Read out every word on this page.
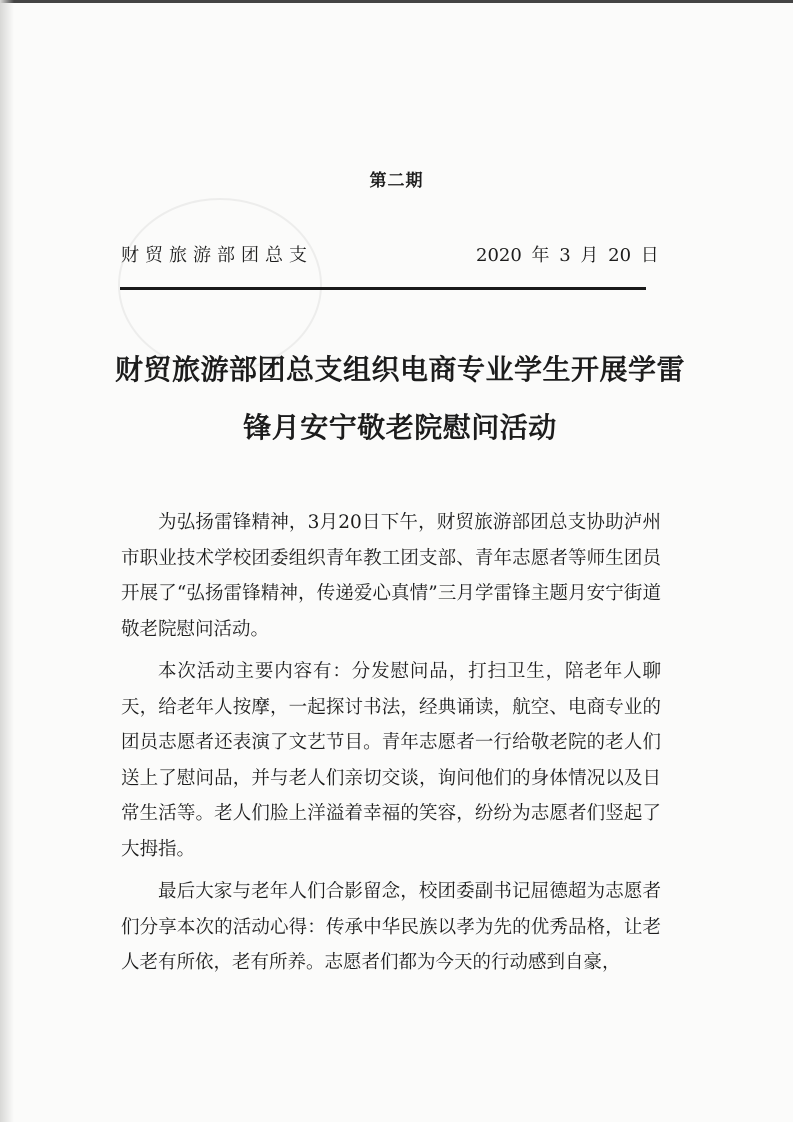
第二期
财贸旅游部团总支	2020 年 3 月 20 日
财贸旅游部团总支组织电商专业学生开展学雷
锋月安宁敬老院慰问活动

为弘扬雷锋精神，3月20日下午，财贸旅游部团总支协助泸州市职业技术学校团委组织青年教工团支部、青年志愿者等师生团员开展了“弘扬雷锋精神，传递爱心真情”三月学雷锋主题月安宁街道敬老院慰问活动。

本次活动主要内容有：分发慰问品，打扫卫生，陪老年人聊天，给老年人按摩，一起探讨书法，经典诵读，航空、电商专业的团员志愿者还表演了文艺节目。青年志愿者一行给敬老院的老人们送上了慰问品，并与老人们亲切交谈，询问他们的身体情况以及日常生活等。老人们脸上洋溢着幸福的笑容，纷纷为志愿者们竖起了大拇指。

最后大家与老年人们合影留念，校团委副书记屈德超为志愿者们分享本次的活动心得：传承中华民族以孝为先的优秀品格，让老人老有所依，老有所养。志愿者们都为今天的行动感到自豪，
